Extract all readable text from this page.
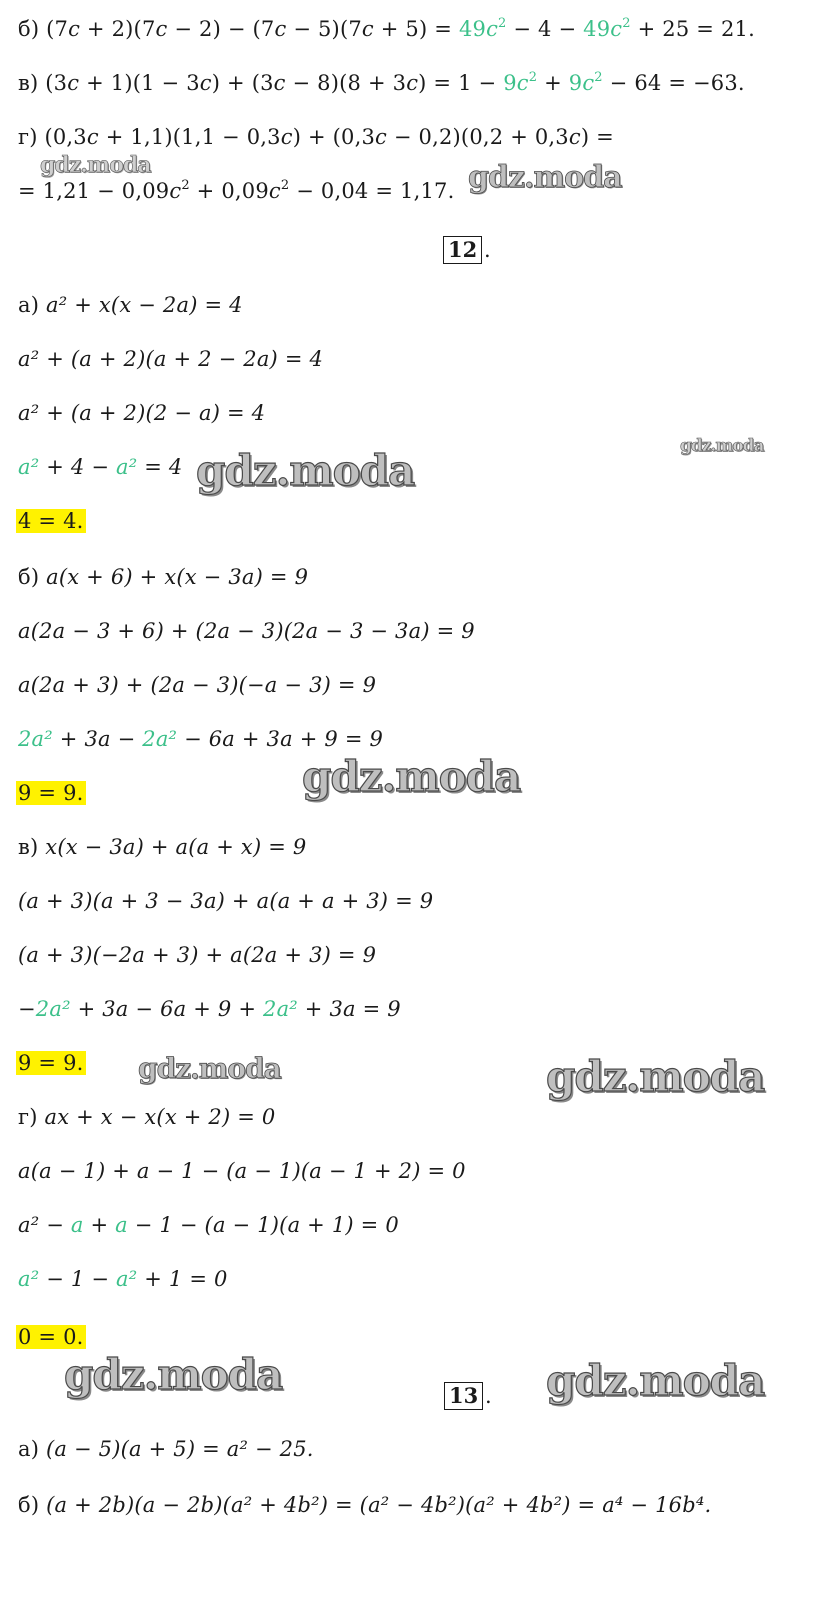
б) $(7c + 2)(7c - 2) - (7c - 5)(7c + 5) = 49c^2 - 4 - 49c^2 + 25 = 21$.
в) $(3c + 1)(1 - 3c) + (3c - 8)(8 + 3c) = 1 - 9c^2 + 9c^2 - 64 = -63$.
г) (0,3c + 1,1)(1,1 − 0,3c) + (0,3c − 0,2)(0,2 + 0,3c) =
= $1,21 - 0,09c^2 + 0,09c^2 - 0,04 = 1,17$.
12 .
а) a² + x(x − 2a) = 4
a² + (a + 2)(a + 2 − 2a) = 4
a² + (a + 2)(2 − a) = 4
a² + 4 − a² = 4
4 = 4.
б) a(x + 6) + x(x − 3a) = 9
a(2a − 3 + 6) + (2a − 3)(2a − 3 − 3a) = 9
a(2a + 3) + (2a − 3)(−a − 3) = 9
2a² + 3a − 2a² − 6a + 3a + 9 = 9
9 = 9.
в) x(x − 3a) + a(a + x) = 9
(a + 3)(a + 3 − 3a) + a(a + a + 3) = 9
(a + 3)(−2a + 3) + a(2a + 3) = 9
−2a² + 3a − 6a + 9 + 2a² + 3a = 9
9 = 9.
г) ax + x − x(x + 2) = 0
a(a − 1) + a − 1 − (a − 1)(a − 1 + 2) = 0
a² − a + a − 1 − (a − 1)(a + 1) = 0
a² − 1 − a² + 1 = 0
0 = 0.
13 .
а) (a − 5)(a + 5) = a² − 25.
б) (a + 2b)(a − 2b)(a² + 4b²) = (a² − 4b²)(a² + 4b²) = a⁴ − 16b⁴.
gdz.moda	gdz.moda
gdz.moda
gdz.moda
gdz.moda
gdz.moda	gdz.moda
gdz.moda	gdz.moda
